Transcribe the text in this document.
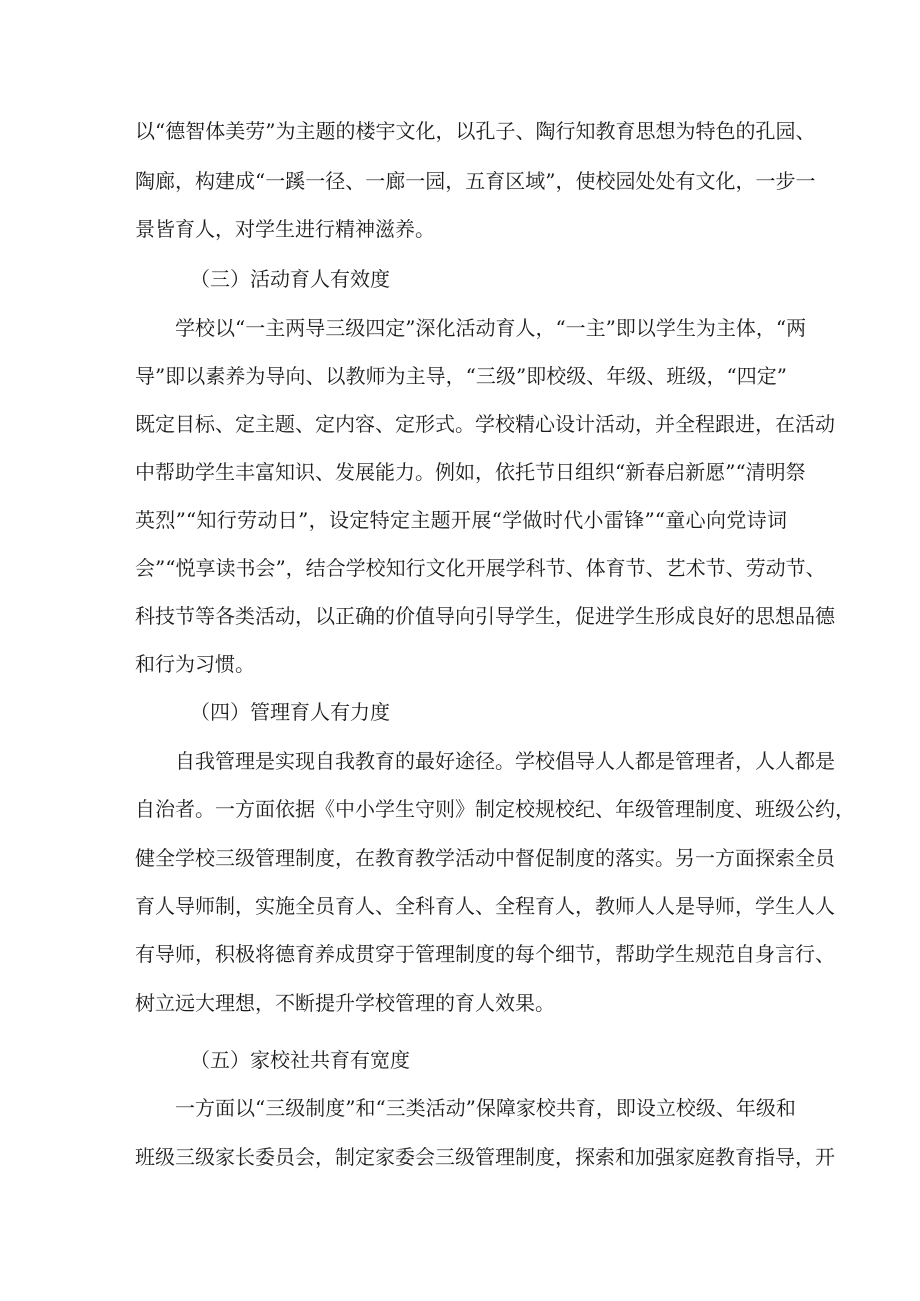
以“德智体美劳”为主题的楼宇文化，以孔子、陶行知教育思想为特色的孔园、
陶廊，构建成“一蹊一径、一廊一园，五育区域”，使校园处处有文化，一步一
景皆育人，对学生进行精神滋养。
（三）活动育人有效度
学校以“一主两导三级四定”深化活动育人，“一主”即以学生为主体，“两
导”即以素养为导向、以教师为主导，“三级”即校级、年级、班级，“四定”
既定目标、定主题、定内容、定形式。学校精心设计活动，并全程跟进，在活动
中帮助学生丰富知识、发展能力。例如，依托节日组织“新春启新愿”“清明祭
英烈”“知行劳动日”，设定特定主题开展“学做时代小雷锋”“童心向党诗词
会”“悦享读书会”，结合学校知行文化开展学科节、体育节、艺术节、劳动节、
科技节等各类活动，以正确的价值导向引导学生，促进学生形成良好的思想品德
和行为习惯。
（四）管理育人有力度
自我管理是实现自我教育的最好途径。学校倡导人人都是管理者，人人都是
自治者。一方面依据《中小学生守则》制定校规校纪、年级管理制度、班级公约，
健全学校三级管理制度，在教育教学活动中督促制度的落实。另一方面探索全员
育人导师制，实施全员育人、全科育人、全程育人，教师人人是导师，学生人人
有导师，积极将德育养成贯穿于管理制度的每个细节，帮助学生规范自身言行、
树立远大理想，不断提升学校管理的育人效果。
（五）家校社共育有宽度
一方面以“三级制度”和“三类活动”保障家校共育，即设立校级、年级和
班级三级家长委员会，制定家委会三级管理制度，探索和加强家庭教育指导，开
